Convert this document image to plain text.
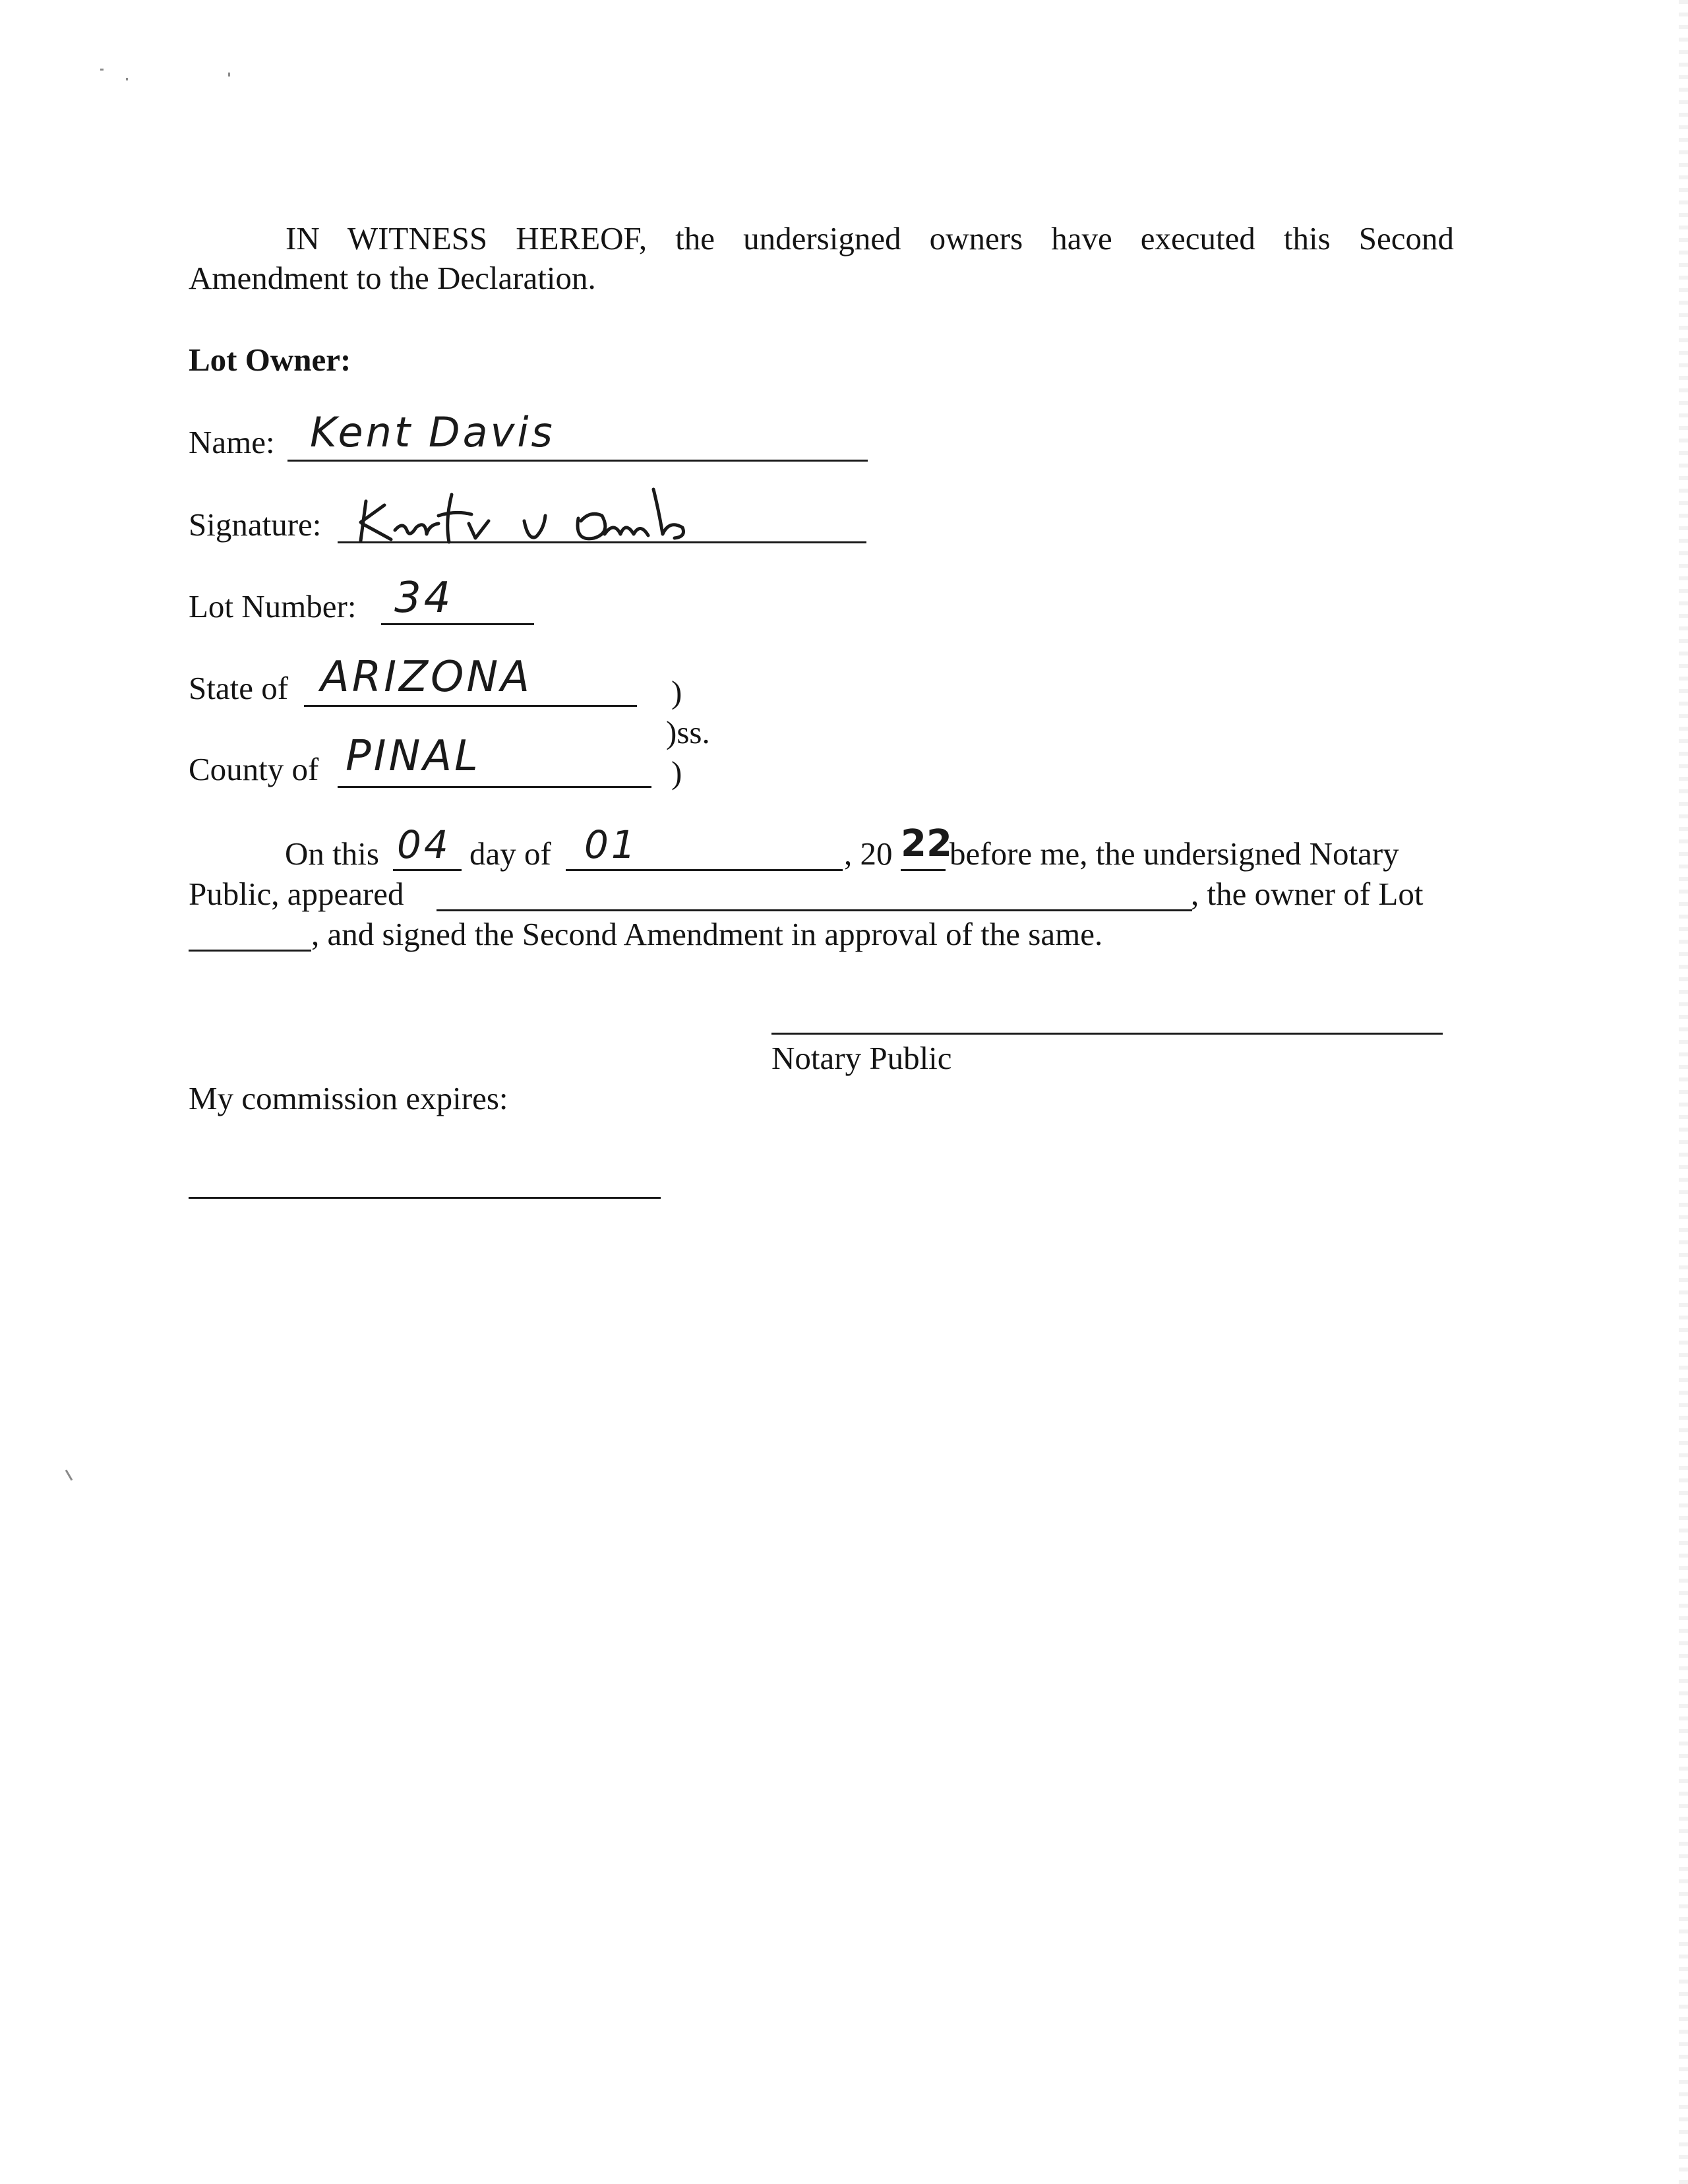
IN WITNESS HEREOF, the undersigned owners have executed this Second
Amendment to the Declaration.
Lot Owner:
Name: Kent Davis
Signature:
Lot Number: 34
State of ARIZONA	)
)ss.
)
County of PINAL
On this 04 day of 01	, 20 22
before me, the undersigned Notary
Public, appeared	, the owner of Lot
, and signed the Second Amendment in approval of the same.
Notary Public
My commission expires:
